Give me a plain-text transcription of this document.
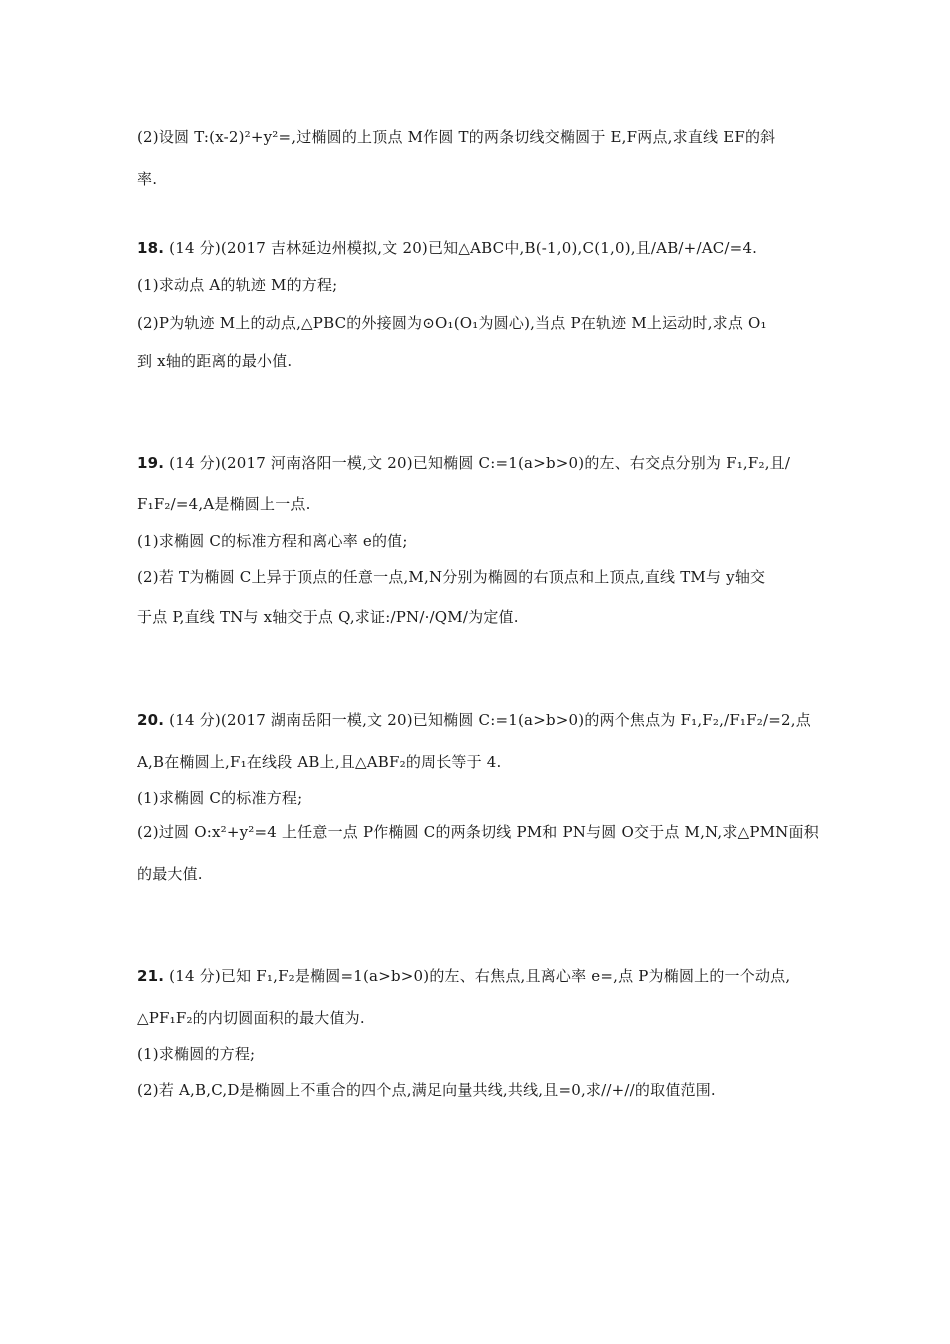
(2)设圆 T:(x-2)²+y²=,过椭圆的上顶点 M作圆 T的两条切线交椭圆于 E,F两点,求直线 EF的斜
率.
18. (14 分)(2017 吉林延边州模拟,文 20)已知△ABC中,B(-1,0),C(1,0),且/AB/+/AC/=4.
(1)求动点 A的轨迹 M的方程;
(2)P为轨迹 M上的动点,△PBC的外接圆为⊙O₁(O₁为圆心),当点 P在轨迹 M上运动时,求点 O₁
到 x轴的距离的最小值.
19. (14 分)(2017 河南洛阳一模,文 20)已知椭圆 C:=1(a>b>0)的左、右交点分别为 F₁,F₂,且/
F₁F₂/=4,A是椭圆上一点.
(1)求椭圆 C的标准方程和离心率 e的值;
(2)若 T为椭圆 C上异于顶点的任意一点,M,N分别为椭圆的右顶点和上顶点,直线 TM与 y轴交
于点 P,直线 TN与 x轴交于点 Q,求证:/PN/·/QM/为定值.
20. (14 分)(2017 湖南岳阳一模,文 20)已知椭圆 C:=1(a>b>0)的两个焦点为 F₁,F₂,/F₁F₂/=2,点
A,B在椭圆上,F₁在线段 AB上,且△ABF₂的周长等于 4.
(1)求椭圆 C的标准方程;
(2)过圆 O:x²+y²=4 上任意一点 P作椭圆 C的两条切线 PM和 PN与圆 O交于点 M,N,求△PMN面积
的最大值.
21. (14 分)已知 F₁,F₂是椭圆=1(a>b>0)的左、右焦点,且离心率 e=,点 P为椭圆上的一个动点,
△PF₁F₂的内切圆面积的最大值为.
(1)求椭圆的方程;
(2)若 A,B,C,D是椭圆上不重合的四个点,满足向量共线,共线,且=0,求//+//的取值范围.
